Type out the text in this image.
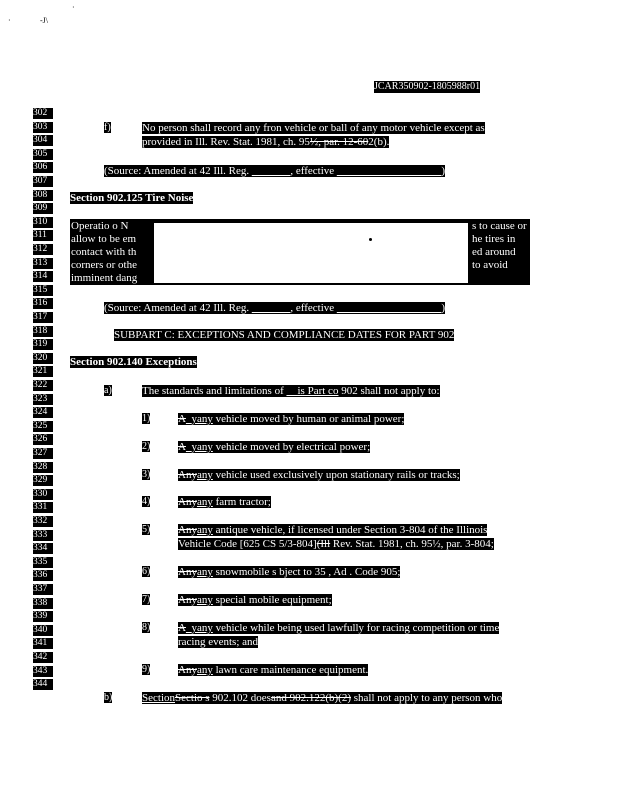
-J\
·
·
JCAR350902-1805988r01
302
303
304
305
306
307
308
309
310
311
312
313
314
315
316
317
318
319
320
321
322
323
324
325
326
327
328
329
330
331
332
333
334
335
336
337
338
339
340
341
342
343
344
f)	No person shall record any fron vehicle or ball of any motor vehicle except as
provided in Ill. Rev. Stat. 1981, ch. 95½, par. 12-602(b).
(Source: Amended at 42 Ill. Reg. _______, effective ___________________)
Section 902.125 Tire Noise
Operatio o N	s to cause or
allow to be em	he tires in
contact with th	ed around
corners or othe	to avoid
imminent dang
(Source: Amended at 42 Ill. Reg. _______, effective ___________________)
SUBPART C: EXCEPTIONS AND COMPLIANCE DATES FOR PART 902
Section 902.140 Exceptions
a)	The standards and limitations of __is Part co 902 shall not apply to:
1)	A_yany vehicle moved by human or animal power;
2)	A_yany vehicle moved by electrical power;
3)	Anyany vehicle used exclusively upon stationary rails or tracks;
4)	Anyany farm tractor;
5)	Anyany antique vehicle, if licensed under Section 3-804 of the Illinois
Vehicle Code [625 CS 5/3-804](Ill Rev. Stat. 1981, ch. 95½, par. 3-804;
6)	Anyany snowmobile s bject to 35 , Ad . Code 905;
7)	Anyany special mobile equipment;
8)	A_yany vehicle while being used lawfully for racing competition or time
racing events; and
9)	Anyany lawn care maintenance equipment.
b)	SectionSectio s 902.102 doesand 902.122(b)(2) shall not apply to any person who
